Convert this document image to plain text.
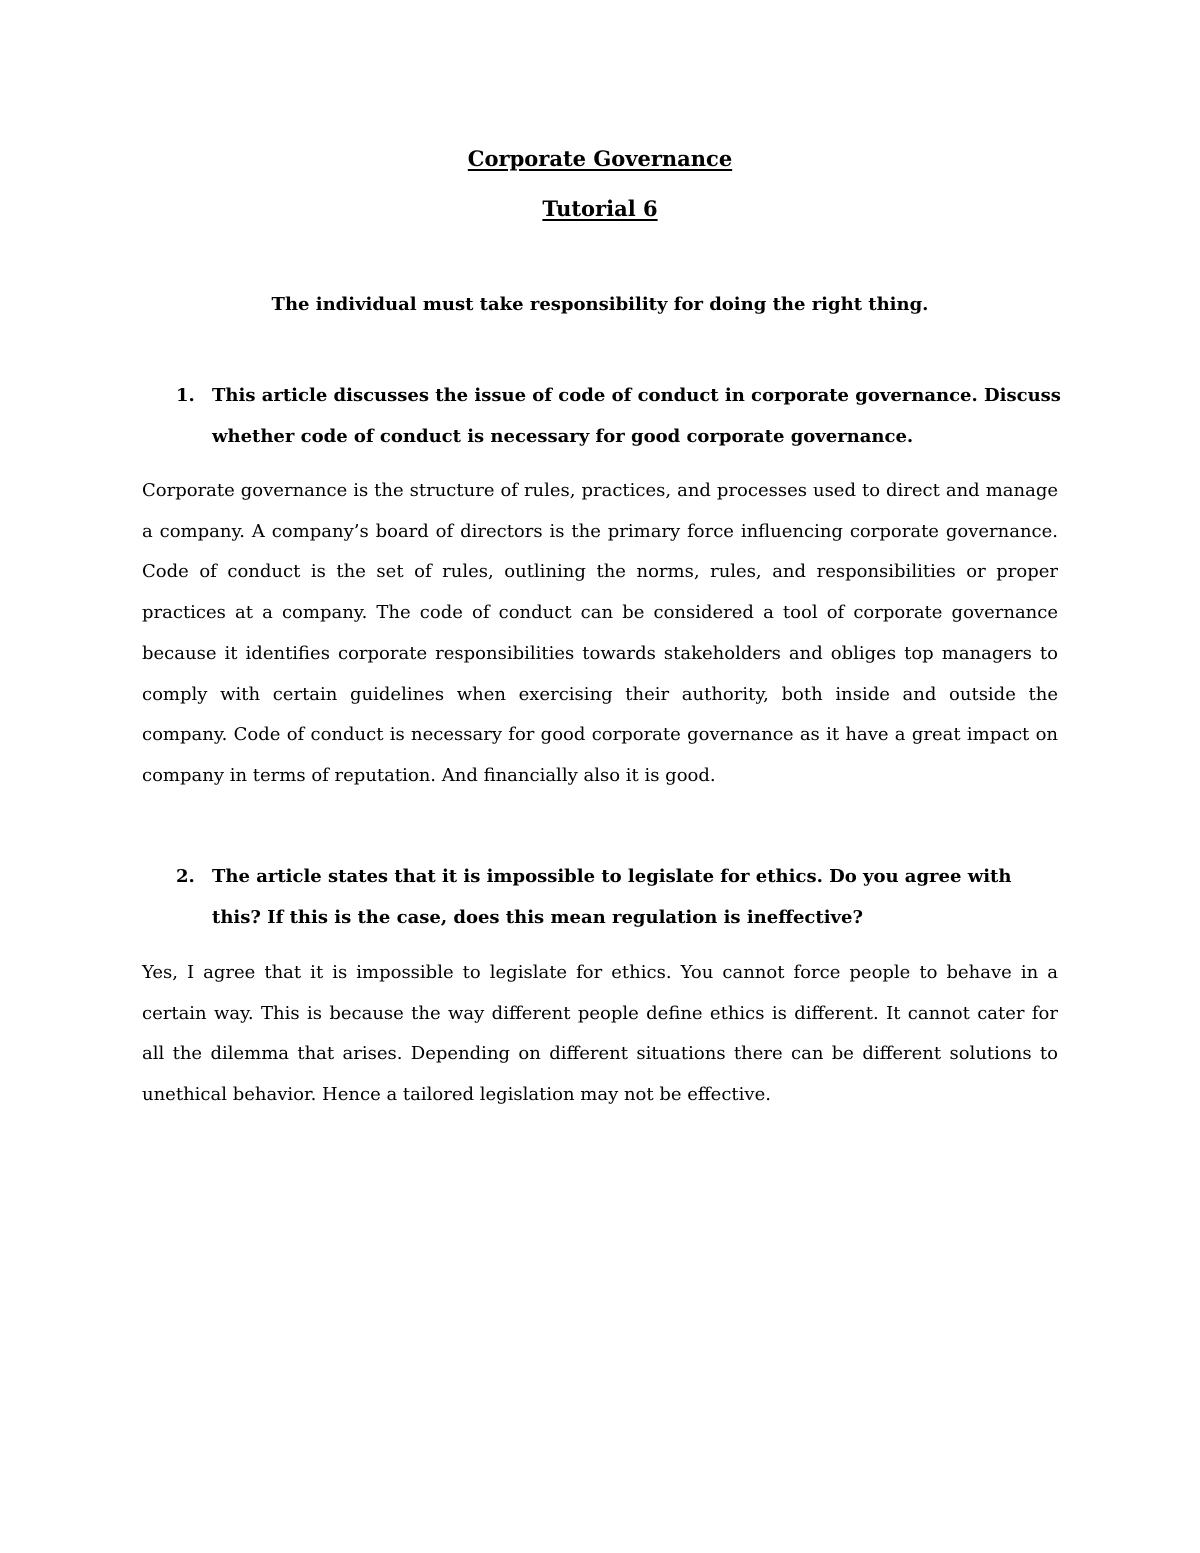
Corporate Governance
Tutorial 6

The individual must take responsibility for doing the right thing.

1. This article discusses the issue of code of conduct in corporate governance. Discuss whether code of conduct is necessary for good corporate governance.

Corporate governance is the structure of rules, practices, and processes used to direct and manage a company. A company’s board of directors is the primary force influencing corporate governance. Code of conduct is the set of rules, outlining the norms, rules, and responsibilities or proper practices at a company. The code of conduct can be considered a tool of corporate governance because it identifies corporate responsibilities towards stakeholders and obliges top managers to comply with certain guidelines when exercising their authority, both inside and outside the company. Code of conduct is necessary for good corporate governance as it have a great impact on company in terms of reputation. And financially also it is good.

2. The article states that it is impossible to legislate for ethics. Do you agree with this? If this is the case, does this mean regulation is ineffective?

Yes, I agree that it is impossible to legislate for ethics. You cannot force people to behave in a certain way. This is because the way different people define ethics is different. It cannot cater for all the dilemma that arises. Depending on different situations there can be different solutions to unethical behavior. Hence a tailored legislation may not be effective.
